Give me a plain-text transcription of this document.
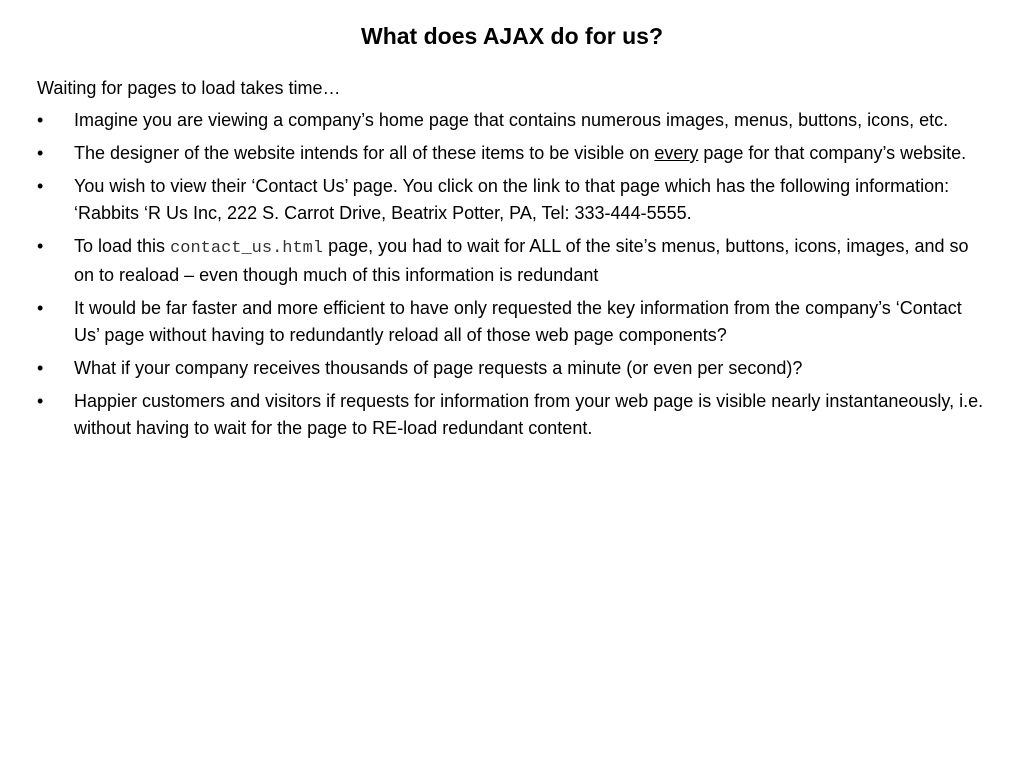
What does AJAX do for us?
Waiting for pages to load takes time…
•	Imagine you are viewing a company’s home page that contains numerous images, menus, buttons, icons, etc.
•	The designer of the website intends for all of these items to be visible on every page for that company’s website.
•	You wish to view their ‘Contact Us’ page. You click on the link to that page which has the following information: ‘Rabbits ‘R Us Inc, 222 S. Carrot Drive, Beatrix Potter, PA, Tel: 333-444-5555.
•	To load this contact_us.html page, you had to wait for ALL of the site’s menus, buttons, icons, images, and so on to reaload – even though much of this information is redundant
•	It would be far faster and more efficient to have only requested the key information from the company’s ‘Contact Us’ page without having to redundantly reload all of those web page components?
•	What if your company receives thousands of page requests a minute (or even per second)?
•	Happier customers and visitors if requests for information from your web page is visible nearly instantaneously, i.e. without having to wait for the page to RE-load redundant content.
